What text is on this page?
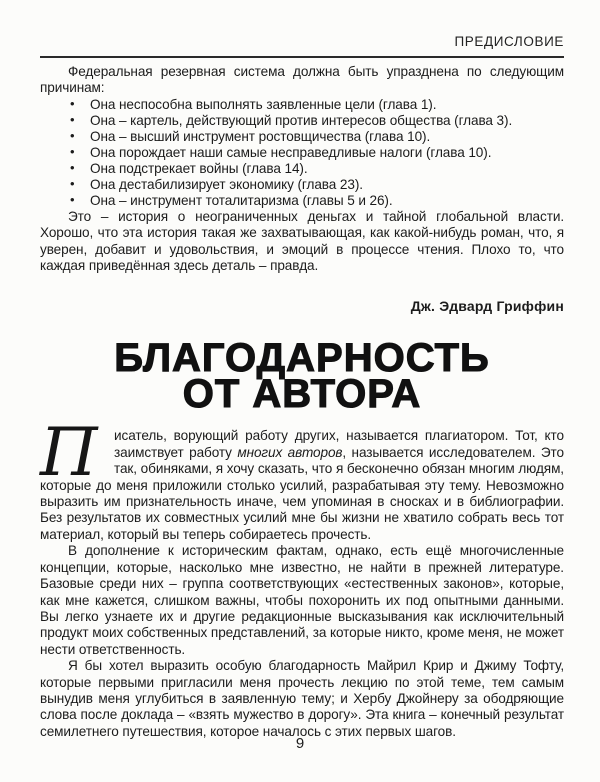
ПРЕДИСЛОВИЕ

Федеральная резервная система должна быть упразднена по следующим причинам:

• Она неспособна выполнять заявленные цели (глава 1).
• Она – картель, действующий против интересов общества (глава 3).
• Она – высший инструмент ростовщичества (глава 10).
• Она порождает наши самые несправедливые налоги (глава 10).
• Она подстрекает войны (глава 14).
• Она дестабилизирует экономику (глава 23).
• Она – инструмент тоталитаризма (главы 5 и 26).

Это – история о неограниченных деньгах и тайной глобальной власти. Хорошо, что эта история такая же захватывающая, как какой-нибудь роман, что, я уверен, добавит и удовольствия, и эмоций в процессе чтения. Плохо то, что каждая приведённая здесь деталь – правда.

Дж. Эдвард Гриффин
БЛАГОДАРНОСТЬ
ОТ АВТОРА

П	исатель, ворующий работу других, называется плагиатором. Тот, кто заимствует работу многих авторов, называется исследователем. Это так, обиняками, я хочу сказать, что я бесконечно обязан многим людям, которые до меня приложили столько усилий, разрабатывая эту тему. Невозможно выразить им признательность иначе, чем упоминая в сносках и в библиографии. Без результатов их совместных усилий мне бы жизни не хватило собрать весь тот материал, который вы теперь собираетесь прочесть.

В дополнение к историческим фактам, однако, есть ещё многочисленные концепции, которые, насколько мне известно, не найти в прежней литературе. Базовые среди них – группа соответствующих «естественных законов», которые, как мне кажется, слишком важны, чтобы похоронить их под опытными данными. Вы легко узнаете их и другие редакционные высказывания как исключительный продукт моих собственных представлений, за которые никто, кроме меня, не может нести ответственность.

Я бы хотел выразить особую благодарность Майрил Крир и Джиму Тофту, которые первыми пригласили меня прочесть лекцию по этой теме, тем самым вынудив меня углубиться в заявленную тему; и Хербу Джойнеру за ободряющие слова после доклада – «взять мужество в дорогу». Эта книга – конечный результат семилетнего путешествия, которое началось с этих первых шагов.

9
